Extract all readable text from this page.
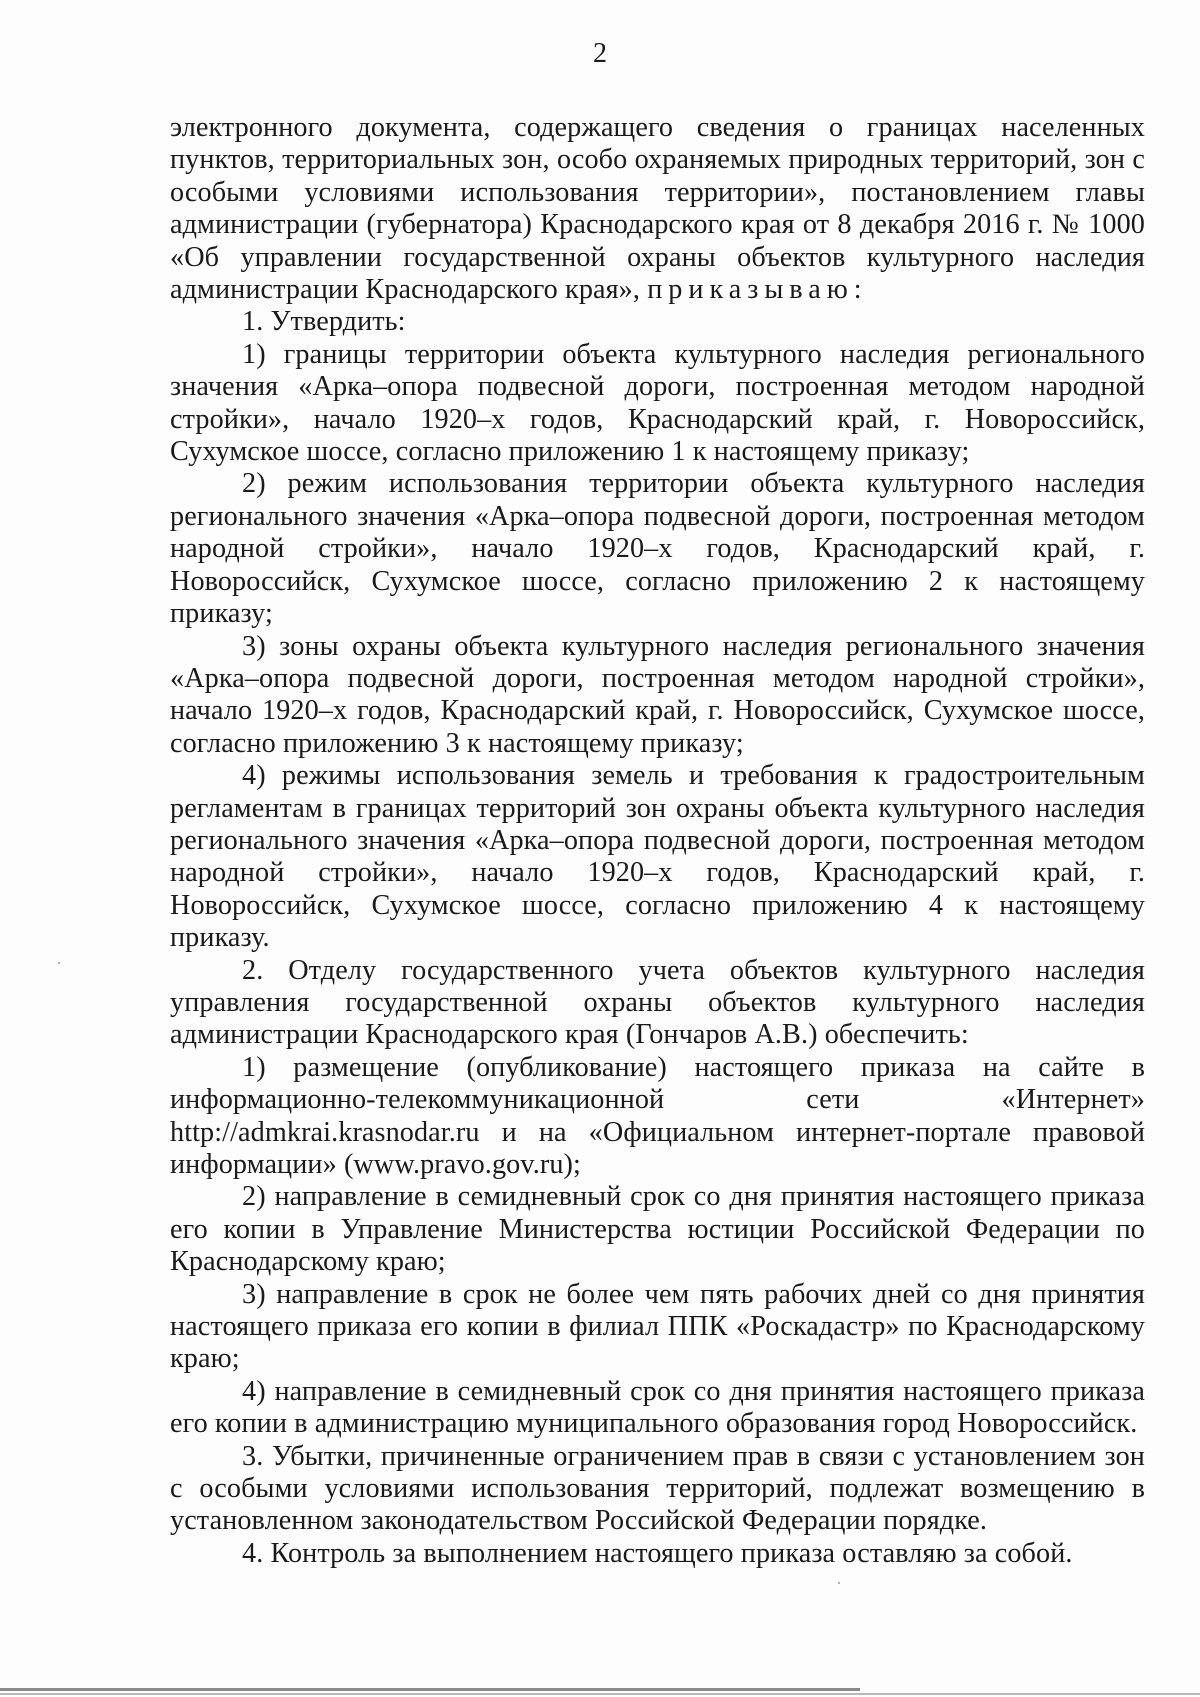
2

электронного документа, содержащего сведения о границах населенных пунктов, территориальных зон, особо охраняемых природных территорий, зон с особыми условиями использования территории», постановлением главы администрации (губернатора) Краснодарского края от 8 декабря 2016 г. № 1000 «Об управлении государственной охраны объектов культурного наследия администрации Краснодарского края», приказываю:

1. Утвердить:

1) границы территории объекта культурного наследия регионального значения «Арка–опора подвесной дороги, построенная методом народной стройки», начало 1920–х годов, Краснодарский край, г. Новороссийск, Сухумское шоссе, согласно приложению 1 к настоящему приказу;

2) режим использования территории объекта культурного наследия регионального значения «Арка–опора подвесной дороги, построенная методом народной стройки», начало 1920–х годов, Краснодарский край, г. Новороссийск, Сухумское шоссе, согласно приложению 2 к настоящему приказу;

3) зоны охраны объекта культурного наследия регионального значения «Арка–опора подвесной дороги, построенная методом народной стройки», начало 1920–х годов, Краснодарский край, г. Новороссийск, Сухумское шоссе, согласно приложению 3 к настоящему приказу;

4) режимы использования земель и требования к градостроительным регламентам в границах территорий зон охраны объекта культурного наследия регионального значения «Арка–опора подвесной дороги, построенная методом народной стройки», начало 1920–х годов, Краснодарский край, г. Новороссийск, Сухумское шоссе, согласно приложению 4 к настоящему приказу.

2. Отделу государственного учета объектов культурного наследия управления государственной охраны объектов культурного наследия администрации Краснодарского края (Гончаров А.В.) обеспечить:

1) размещение (опубликование) настоящего приказа на сайте в информационно-телекоммуникационной сети «Интернет» http://admkrai.krasnodar.ru и на «Официальном интернет-портале правовой информации» (www.pravo.gov.ru);

2) направление в семидневный срок со дня принятия настоящего приказа его копии в Управление Министерства юстиции Российской Федерации по Краснодарскому краю;

3) направление в срок не более чем пять рабочих дней со дня принятия настоящего приказа его копии в филиал ППК «Роскадастр» по Краснодарскому краю;

4) направление в семидневный срок со дня принятия настоящего приказа его копии в администрацию муниципального образования город Новороссийск.

3. Убытки, причиненные ограничением прав в связи с установлением зон с особыми условиями использования территорий, подлежат возмещению в установленном законодательством Российской Федерации порядке.

4. Контроль за выполнением настоящего приказа оставляю за собой.
